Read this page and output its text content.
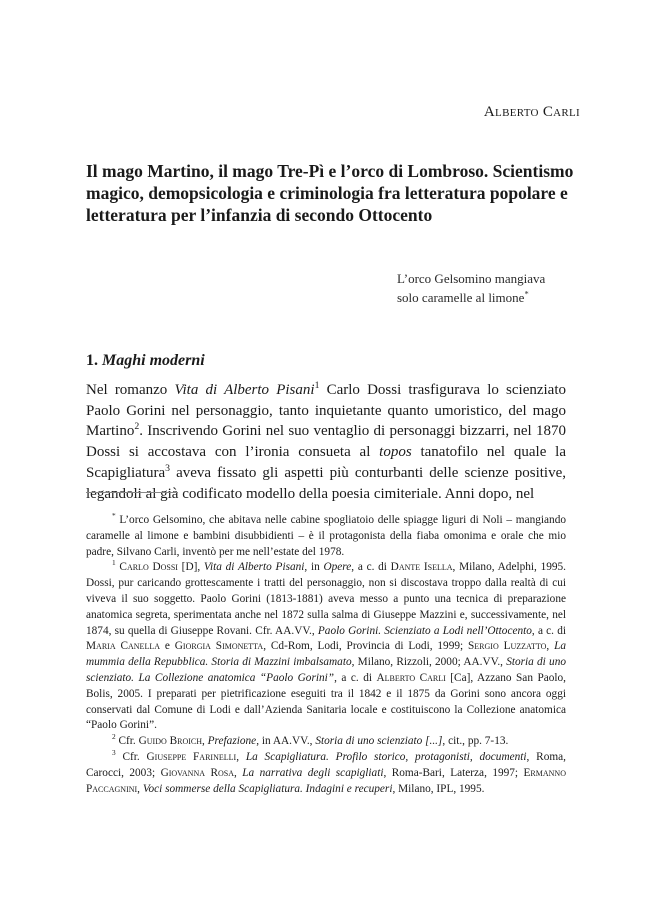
Alberto Carli
Il mago Martino, il mago Tre-Pì e l’orco di Lombroso. Scientismo magico, demopsicologia e criminologia fra letteratura popolare e letteratura per l’infanzia di secondo Ottocento
L’orco Gelsomino mangiava
solo caramelle al limone*
1. Maghi moderni
Nel romanzo Vita di Alberto Pisani$^1$ Carlo Dossi trasfigurava lo scienziato Paolo Gorini nel personaggio, tanto inquietante quanto umoristico, del mago Martino$^2$. Inscrivendo Gorini nel suo ventaglio di personaggi bizzarri, nel 1870 Dossi si accostava con l’ironia consueta al topos tanatofilo nel quale la Scapigliatura$^3$ aveva fissato gli aspetti più conturbanti delle scienze positive, legandoli al già codificato modello della poesia cimiteriale. Anni dopo, nel

* L’orco Gelsomino, che abitava nelle cabine spogliatoio delle spiagge liguri di Noli – mangiando caramelle al limone e bambini disubbidienti – è il protagonista della fiaba omonima e orale che mio padre, Silvano Carli, inventò per me nell’estate del 1978.

$^1$ Carlo Dossi [D], Vita di Alberto Pisani, in Opere, a c. di Dante Isella, Milano, Adelphi, 1995. Dossi, pur caricando grottescamente i tratti del personaggio, non si discostava troppo dalla realtà di cui viveva il suo soggetto. Paolo Gorini (1813-1881) aveva messo a punto una tecnica di preparazione anatomica segreta, sperimentata anche nel 1872 sulla salma di Giuseppe Mazzini e, successivamente, nel 1874, su quella di Giuseppe Rovani. Cfr. AA.VV., Paolo Gorini. Scienziato a Lodi nell’Ottocento, a c. di Maria Canella e Giorgia Simonetta, Cd-Rom, Lodi, Provincia di Lodi, 1999; Sergio Luzzatto, La mummia della Repubblica. Storia di Mazzini imbalsamato, Milano, Rizzoli, 2000; AA.VV., Storia di uno scienziato. La Collezione anatomica “Paolo Gorini”, a c. di Alberto Carli [Ca], Azzano San Paolo, Bolis, 2005. I preparati per pietrificazione eseguiti tra il 1842 e il 1875 da Gorini sono ancora oggi conservati dal Comune di Lodi e dall’Azienda Sanitaria locale e costituiscono la Collezione anatomica “Paolo Gorini”.

$^2$ Cfr. Guido Broich, Prefazione, in AA.VV., Storia di uno scienziato [...], cit., pp. 7-13.

$^3$ Cfr. Giuseppe Farinelli, La Scapigliatura. Profilo storico, protagonisti, documenti, Roma, Carocci, 2003; Giovanna Rosa, La narrativa degli scapigliati, Roma-Bari, Laterza, 1997; Ermanno Paccagnini, Voci sommerse della Scapigliatura. Indagini e recuperi, Milano, IPL, 1995.
